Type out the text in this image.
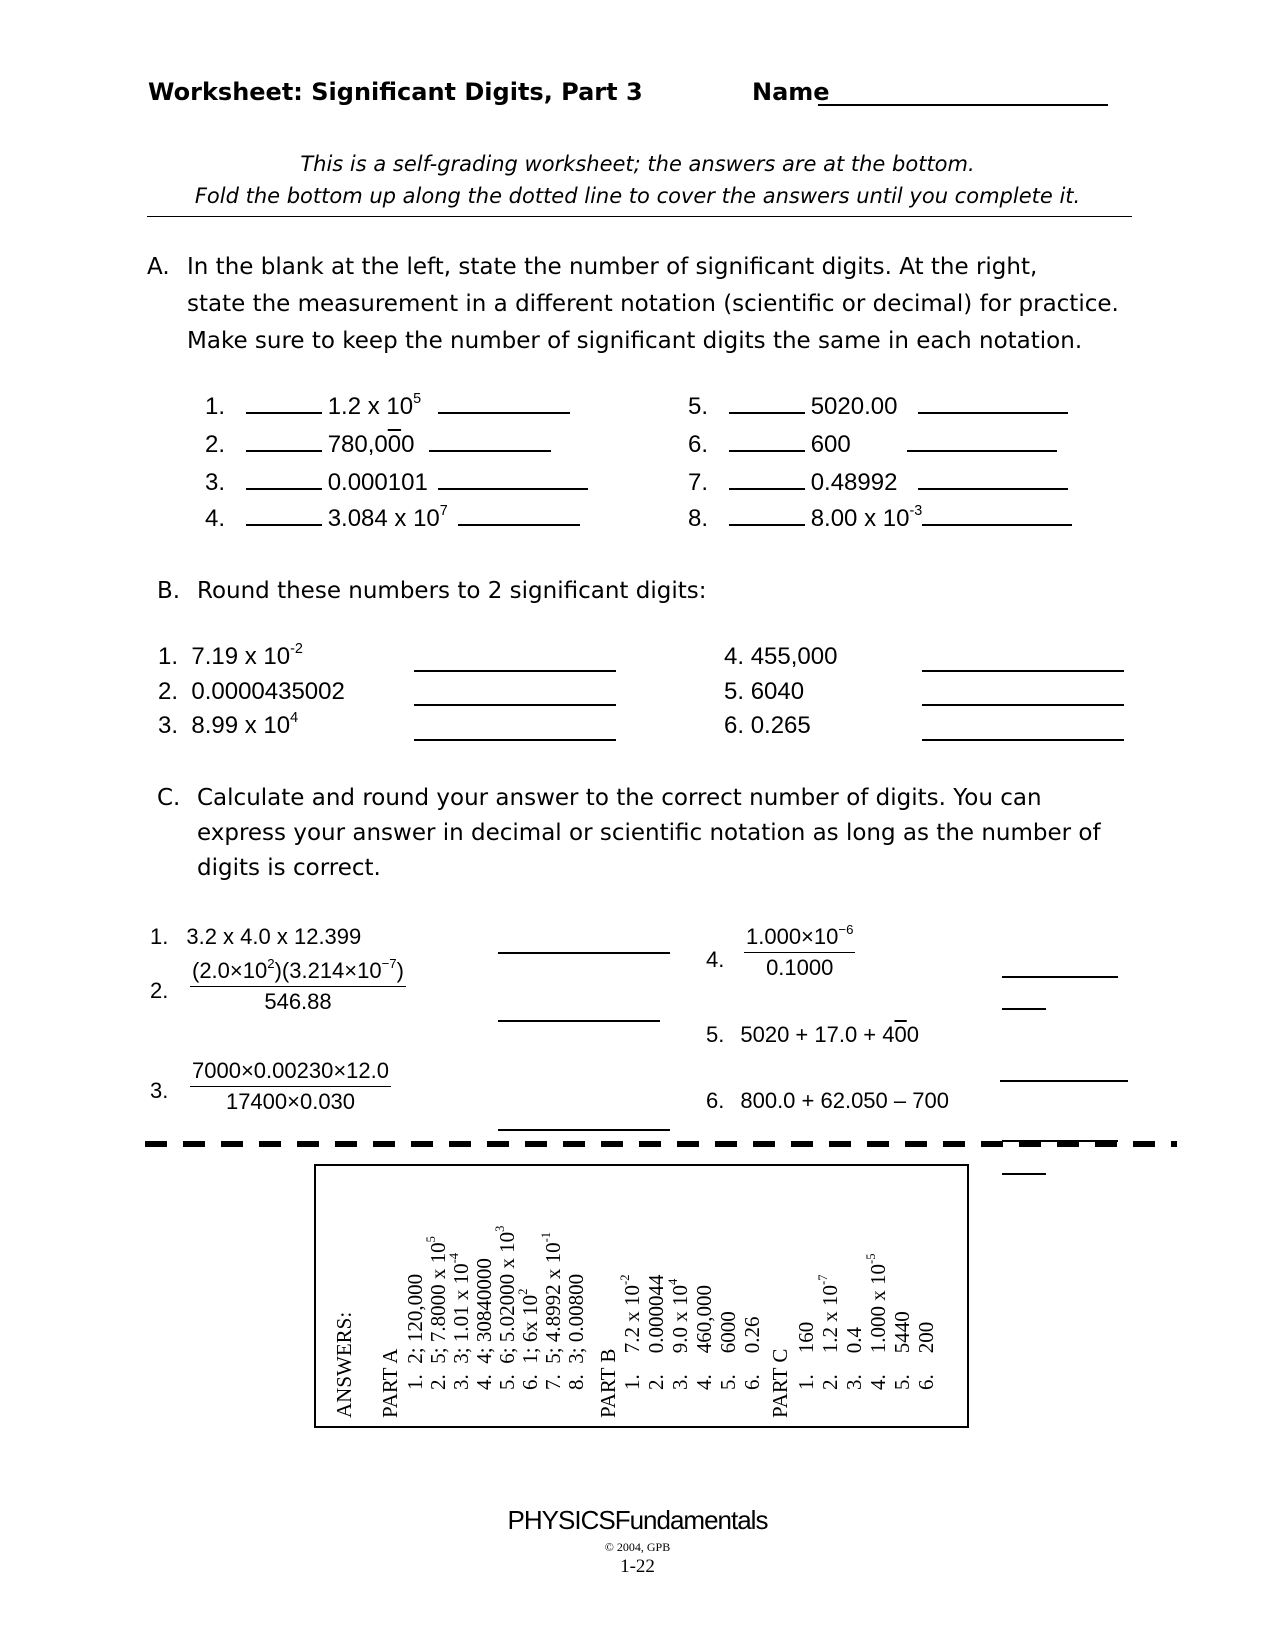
Worksheet: Significant Digits, Part 3	Name
This is a self-grading worksheet; the answers are at the bottom.
Fold the bottom up along the dotted line to cover the answers until you complete it.
A. In the blank at the left, state the number of significant digits. At the right,
state the measurement in a different notation (scientific or decimal) for practice.
Make sure to keep the number of significant digits the same in each notation.
1.	1.2 x $10^5$
2.	780,000
3.	0.000101
4.	3.084 x $10^7$
5.	5020.00
6.	600
7.	0.48992
8.	8.00 x $10^{-3}$
B. Round these numbers to 2 significant digits:
1. 7.19 x $10^{-2}$
2. 0.0000435002
3. 8.99 x $10^4$
4. 455,000
5. 6040
6. 0.265
C. Calculate and round your answer to the correct number of digits. You can
express your answer in decimal or scientific notation as long as the number of
digits is correct.
1. 3.2 x 4.0 x 12.399
2. $\frac{(2.0\times 10^2)(3.214\times 10^{-7})}{546.88}$
3. $\frac{7000\times 0.00230\times 12.0}{17400\times 0.030}$
4. $\frac{1.000\times 10^{-6}}{0.1000}$
5. 5020 + 17.0 + 400
6. 800.0 + 62.050 – 700
ANSWERS: PART A 1.  2; 120,000
2.  5; 7.8000 x $10^5$
3.  3; 1.01 x $10^{-4}$
4.  4; 30840000
5.  6; 5.02000 x $10^3$
6.  1; 6x $10^2$
7.  5; 4.8992 x $10^{-1}$
8.  3; 0.00800
PART B 1.    7.2 x $10^{-2}$
2.    0.000044
3.    9.0 x $10^4$
4.    460,000
5.    6000
6.    0.26
PART C 1.    160
2.    1.2 x $10^{-7}$
3.    0.4
4.    1.000 x $10^{-5}$
5.    5440
6.    200
PHYSICSFundamentals
© 2004, GPB
1-22
